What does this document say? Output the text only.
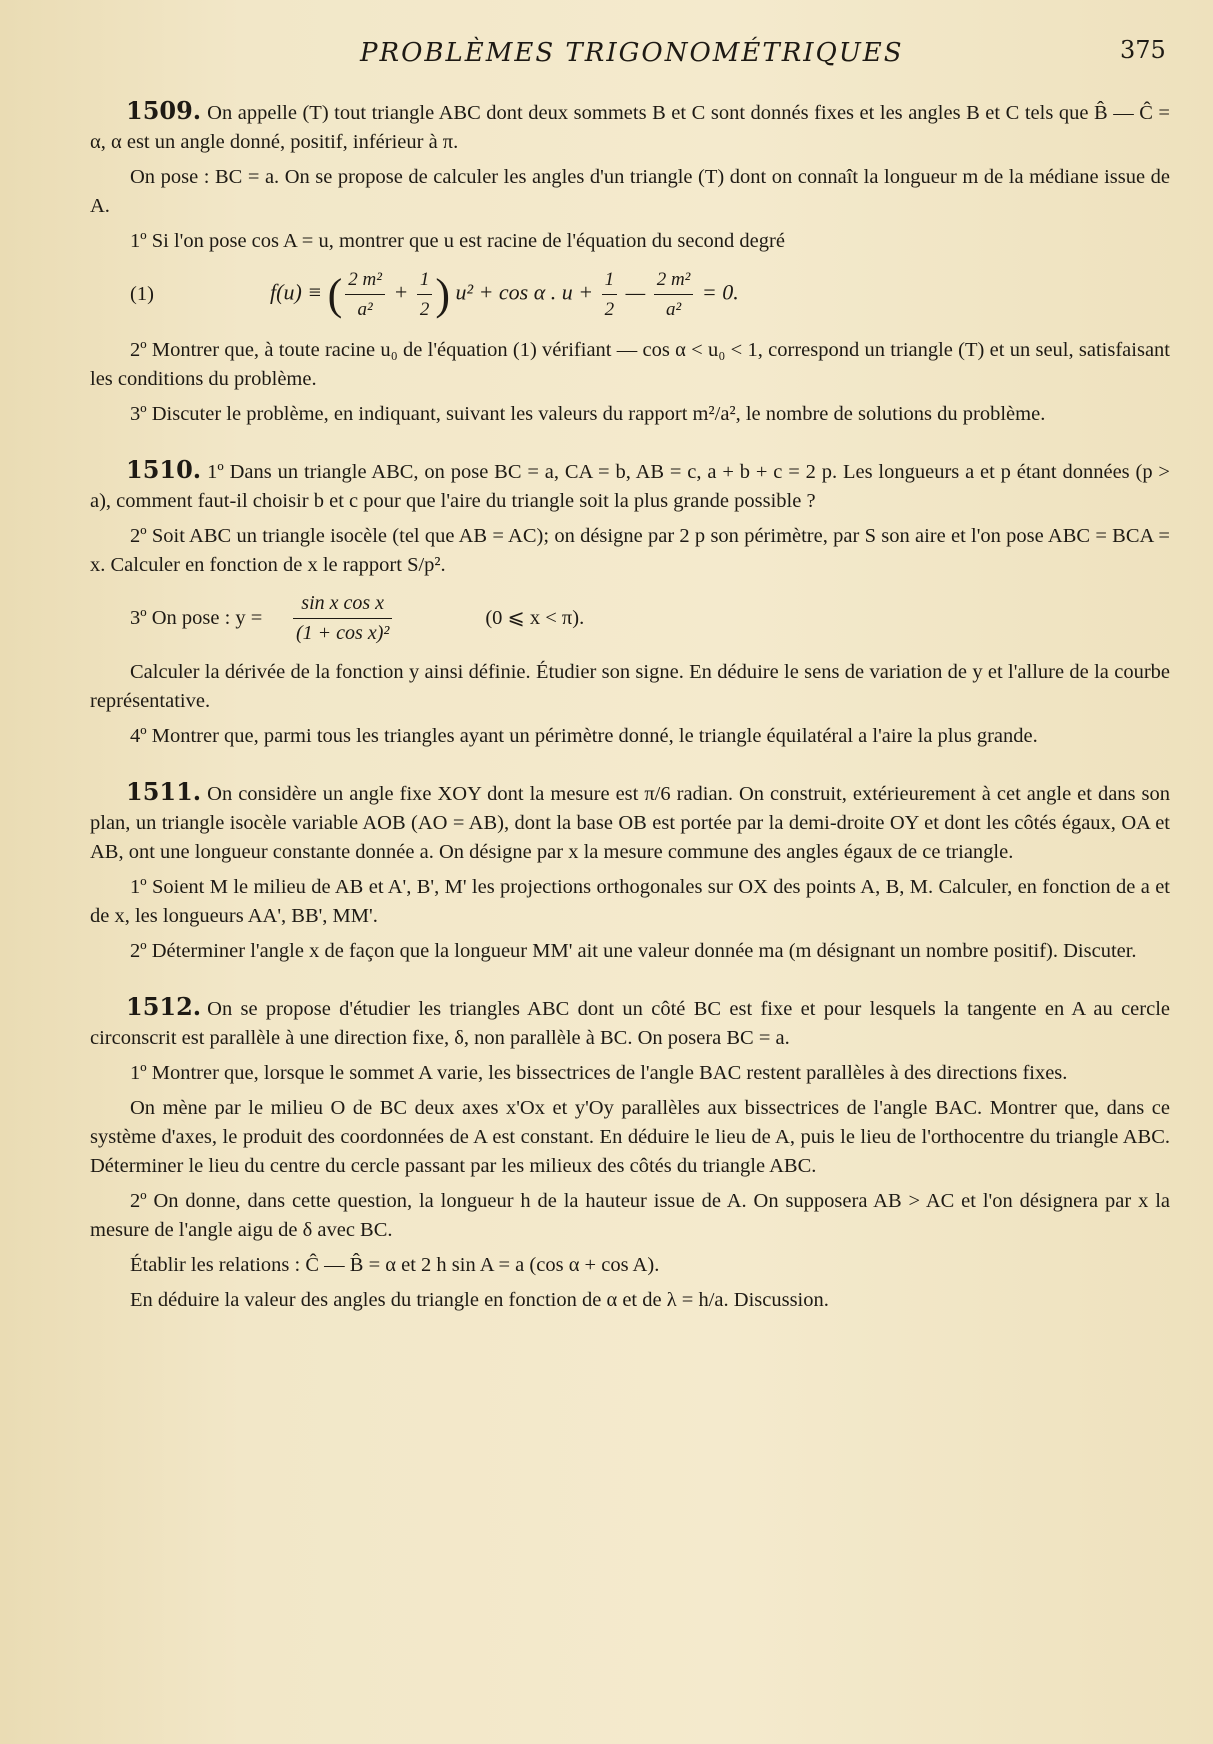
PROBLÈMES TRIGONOMÉTRIQUES	375

1509. On appelle (T) tout triangle ABC dont deux sommets B et C sont donnés fixes et les angles B et C tels que B̂ — Ĉ = α, α est un angle donné, positif, inférieur à π.

On pose : BC = a. On se propose de calculer les angles d'un triangle (T) dont on connaît la longueur m de la médiane issue de A.

1º Si l'on pose cos A = u, montrer que u est racine de l'équation du second degré

(1)	f(u) ≡ ( $\frac{\text{2 m²}}{\text{a²}} + \frac{1}{2}$ ) u² + cos α . $u + \frac{1}{2}$ — $\frac{\text{2 m²}}{\text{a²}} = 0$.

2º Montrer que, à toute racine u₀ de l'équation (1) vérifiant — cos α < u₀ < 1, correspond un triangle (T) et un seul, satisfaisant les conditions du problème.

3º Discuter le problème, en indiquant, suivant les valeurs du rapport m²/a², le nombre de solutions du problème.

1510. 1º Dans un triangle ABC, on pose BC = a, CA = b, AB = c, a + b + c = 2 p. Les longueurs a et p étant données (p > a), comment faut-il choisir b et c pour que l'aire du triangle soit la plus grande possible ?

2º Soit ABC un triangle isocèle (tel que AB = AC); on désigne par 2 p son périmètre, par S son aire et l'on pose ABC = BCA = x. Calculer en fonction de x le rapport S/p².

3º On pose : y =	$\frac{\text{sin x cos x}}{\text{(1 + cos x)²}}$	(0 ⩽ x < π).

Calculer la dérivée de la fonction y ainsi définie. Étudier son signe. En déduire le sens de variation de y et l'allure de la courbe représentative.

4º Montrer que, parmi tous les triangles ayant un périmètre donné, le triangle équilatéral a l'aire la plus grande.

1511. On considère un angle fixe XOY dont la mesure est π/6 radian. On construit, extérieurement à cet angle et dans son plan, un triangle isocèle variable AOB (AO = AB), dont la base OB est portée par la demi-droite OY et dont les côtés égaux, OA et AB, ont une longueur constante donnée a. On désigne par x la mesure commune des angles égaux de ce triangle.

1º Soient M le milieu de AB et A', B', M' les projections orthogonales sur OX des points A, B, M. Calculer, en fonction de a et de x, les longueurs AA', BB', MM'.

2º Déterminer l'angle x de façon que la longueur MM' ait une valeur donnée ma (m désignant un nombre positif). Discuter.

1512. On se propose d'étudier les triangles ABC dont un côté BC est fixe et pour lesquels la tangente en A au cercle circonscrit est parallèle à une direction fixe, δ, non parallèle à BC. On posera BC = a.

1º Montrer que, lorsque le sommet A varie, les bissectrices de l'angle BAC restent parallèles à des directions fixes.

On mène par le milieu O de BC deux axes x'Ox et y'Oy parallèles aux bissectrices de l'angle BAC. Montrer que, dans ce système d'axes, le produit des coordonnées de A est constant. En déduire le lieu de A, puis le lieu de l'orthocentre du triangle ABC. Déterminer le lieu du centre du cercle passant par les milieux des côtés du triangle ABC.

2º On donne, dans cette question, la longueur h de la hauteur issue de A. On supposera AB > AC et l'on désignera par x la mesure de l'angle aigu de δ avec BC.

Établir les relations : Ĉ — B̂ = α et 2 h sin A = a (cos α + cos A).

En déduire la valeur des angles du triangle en fonction de α et de λ = h/a. Discussion.
